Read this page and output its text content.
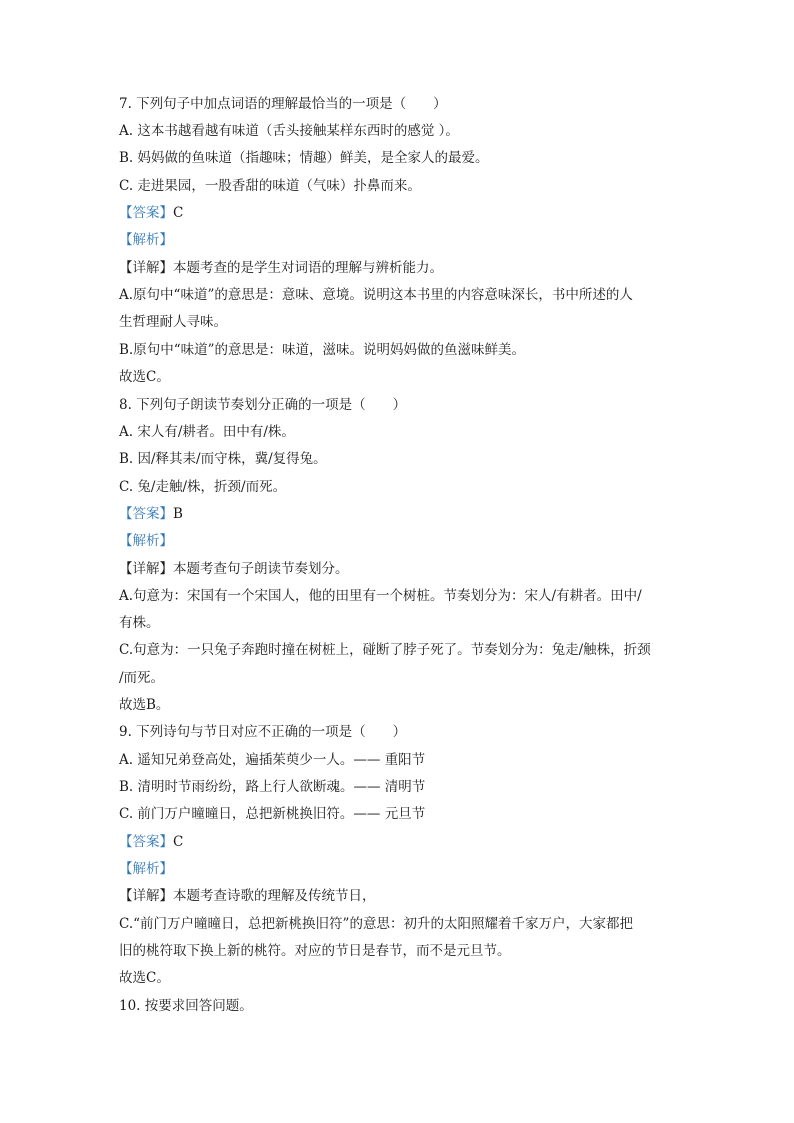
7. 下列句子中加点词语的理解最恰当的一项是（　　）
A. 这本书越看越有味道（舌头接触某样东西时的感觉 ）。
B. 妈妈做的鱼味道（指趣味；情趣）鲜美，是全家人的最爱。
C. 走进果园，一股香甜的味道（气味）扑鼻而来。
【答案】C
【解析】
【详解】本题考查的是学生对词语的理解与辨析能力。
A.原句中“味道”的意思是：意味、意境。说明这本书里的内容意味深长，书中所述的人
生哲理耐人寻味。
B.原句中“味道”的意思是：味道，滋味。说明妈妈做的鱼滋味鲜美。
故选C。
8. 下列句子朗读节奏划分正确的一项是（　　）
A. 宋人有/耕者。田中有/株。
B. 因/释其耒/而守株，冀/复得兔。
C. 兔/走触/株，折颈/而死。
【答案】B
【解析】
【详解】本题考查句子朗读节奏划分。
A.句意为：宋国有一个宋国人，他的田里有一个树桩。节奏划分为：宋人/有耕者。田中/
有株。
C.句意为：一只兔子奔跑时撞在树桩上，碰断了脖子死了。节奏划分为：兔走/触株，折颈
/而死。
故选B。
9. 下列诗句与节日对应不正确的一项是（　　）
A. 遥知兄弟登高处，遍插茱萸少一人。—— 重阳节
B. 清明时节雨纷纷，路上行人欲断魂。—— 清明节
C. 前门万户曈曈日，总把新桃换旧符。—— 元旦节
【答案】C
【解析】
【详解】本题考查诗歌的理解及传统节日，
C.“前门万户曈曈日，总把新桃换旧符”的意思：初升的太阳照耀着千家万户，大家都把
旧的桃符取下换上新的桃符。对应的节日是春节，而不是元旦节。
故选C。
10. 按要求回答问题。
